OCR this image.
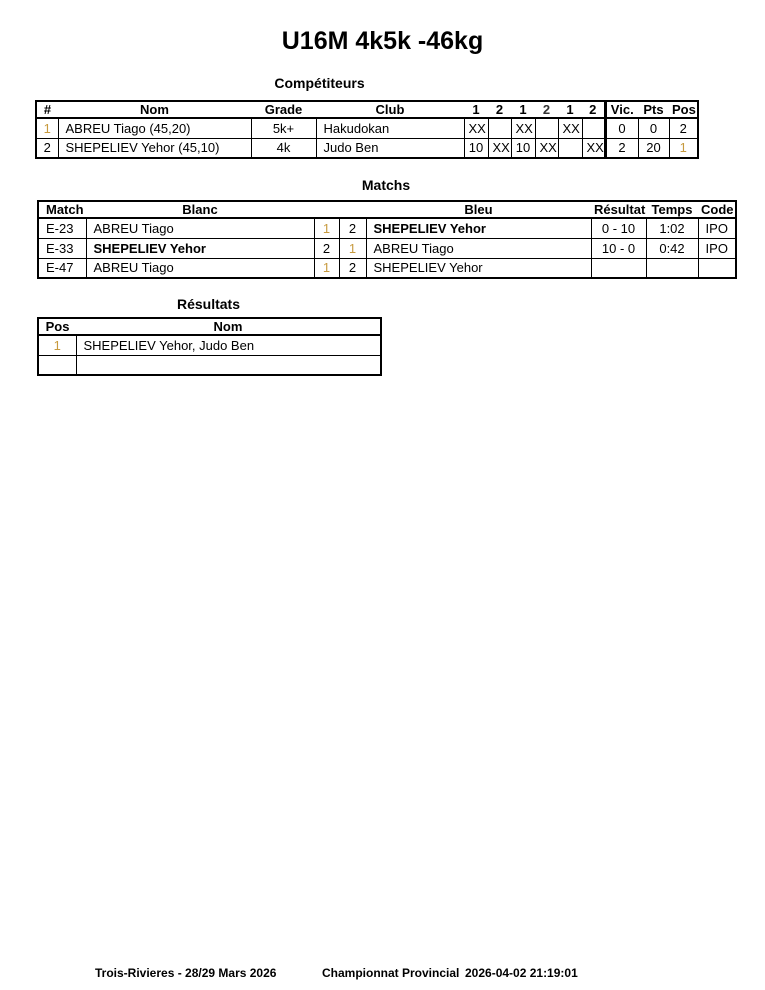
U16M 4k5k -46kg
Compétiteurs
#	Nom	Grade	Club	1	2	1	2	1	2	Vic.	Pts	Pos
1	ABREU Tiago (45,20)	5k+	Hakudokan	XX		XX		XX		0	0	2
2	SHEPELIEV Yehor (45,10)	4k	Judo Ben	10	XX	10	XX		XX	2	20	1
Matchs
Match	Blanc			Bleu	Résultat	Temps	Code
E-23	ABREU Tiago	1	2	SHEPELIEV Yehor	0 - 10	1:02	IPO
E-33	SHEPELIEV Yehor	2	1	ABREU Tiago	10 - 0	0:42	IPO
E-47	ABREU Tiago	1	2	SHEPELIEV Yehor			
Résultats
Pos	Nom
1	SHEPELIEV Yehor, Judo Ben

Trois-Rivieres - 28/29 Mars 2026	Championnat Provincial 2026-04-02 21:19:01
